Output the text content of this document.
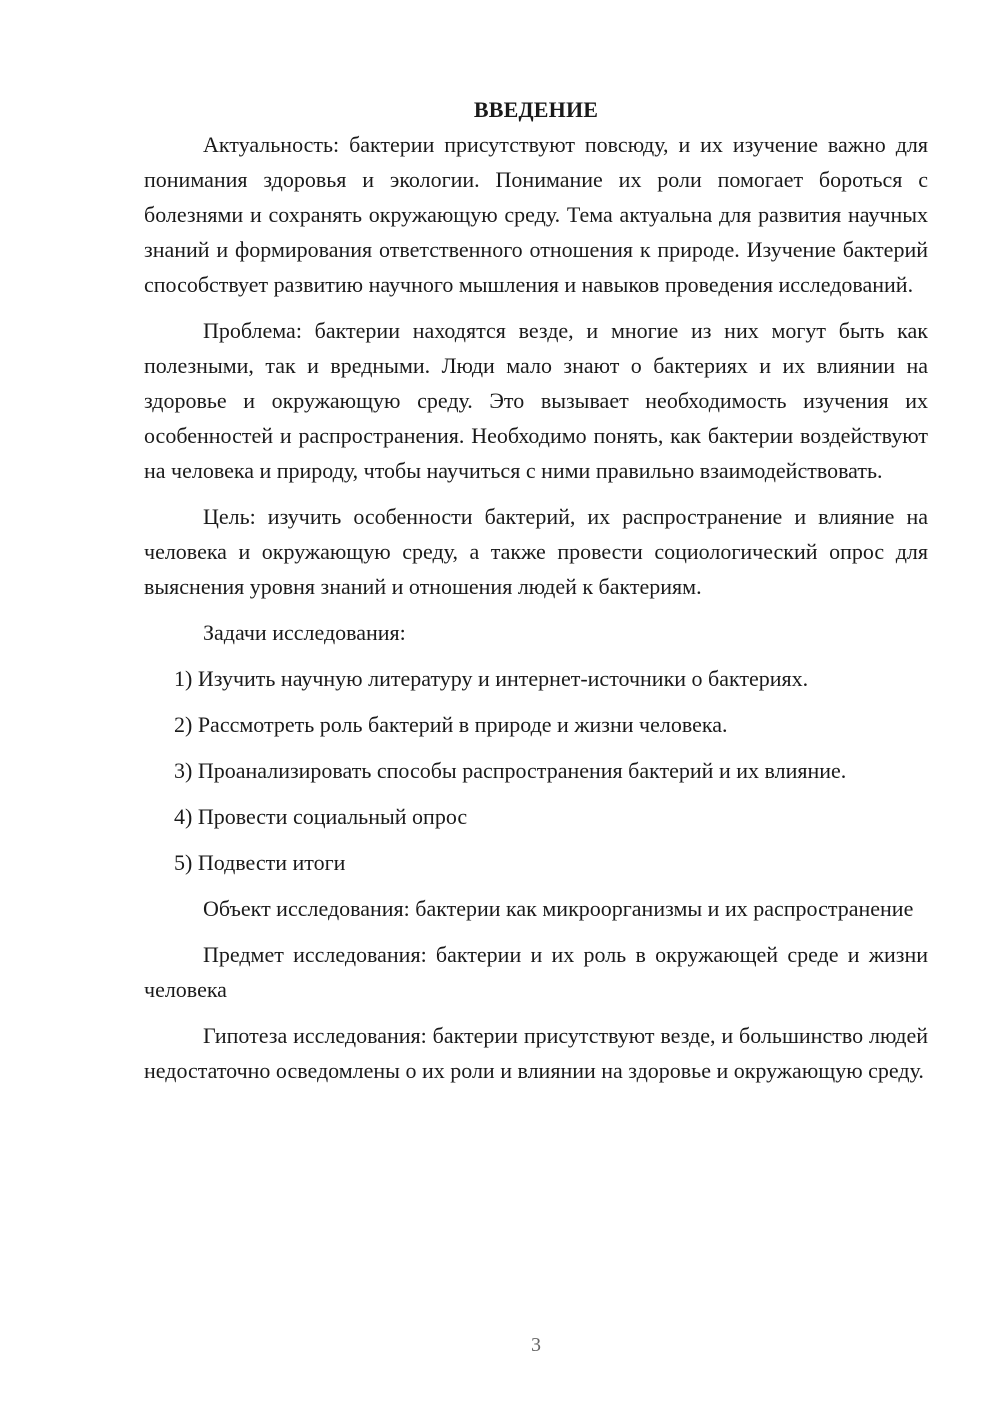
ВВЕДЕНИЕ

Актуальность: бактерии присутствуют повсюду, и их изучение важно для понимания здоровья и экологии. Понимание их роли помогает бороться с болезнями и сохранять окружающую среду. Тема актуальна для развития научных знаний и формирования ответственного отношения к природе. Изучение бактерий способствует развитию научного мышления и навыков проведения исследований.

Проблема: бактерии находятся везде, и многие из них могут быть как полезными, так и вредными. Люди мало знают о бактериях и их влиянии на здоровье и окружающую среду. Это вызывает необходимость изучения их особенностей и распространения. Необходимо понять, как бактерии воздействуют на человека и природу, чтобы научиться с ними правильно взаимодействовать.

Цель: изучить особенности бактерий, их распространение и влияние на человека и окружающую среду, а также провести социологический опрос для выяснения уровня знаний и отношения людей к бактериям.

Задачи исследования:

1) Изучить научную литературу и интернет-источники о бактериях.

2) Рассмотреть роль бактерий в природе и жизни человека.

3) Проанализировать способы распространения бактерий и их влияние.

4) Провести социальный опрос

5) Подвести итоги

Объект исследования: бактерии как микроорганизмы и их распространение

Предмет исследования: бактерии и их роль в окружающей среде и жизни человека

Гипотеза исследования: бактерии присутствуют везде, и большинство людей недостаточно осведомлены о их роли и влиянии на здоровье и окружающую среду.

3
